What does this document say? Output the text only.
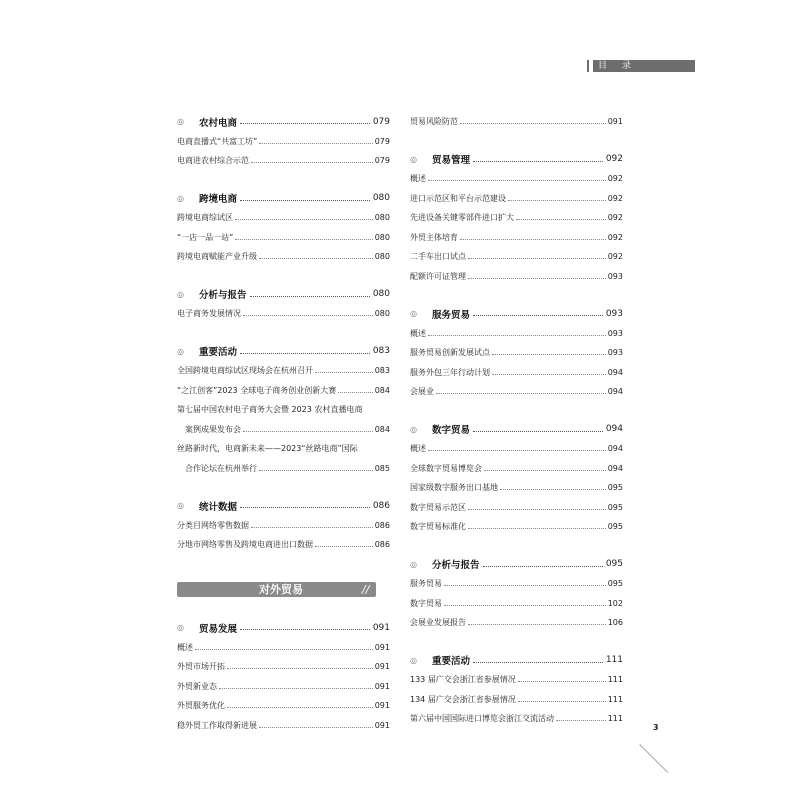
目 录
◎	农村电商	079
电商直播式“共富工坊”	079
电商进农村综合示范	079
◎	跨境电商	080
跨境电商综试区	080
“一店一品一站”	080
跨境电商赋能产业升级	080
◎	分析与报告	080
电子商务发展情况	080
◎	重要活动	083
全国跨境电商综试区现场会在杭州召开	083
“之江创客”2023 全球电子商务创业创新大赛	084
第七届中国农村电子商务大会暨 2023 农村直播电商
案例成果发布会	084
丝路新时代，电商新未来——2023“丝路电商”国际
合作论坛在杭州举行	085
◎	统计数据	086
分类目网络零售数据	086
分地市网络零售及跨境电商进出口数据	086
对外贸易	//
◎	贸易发展	091
概述	091
外贸市场开拓	091
外贸新业态	091
外贸服务优化	091
稳外贸工作取得新进展	091
贸易风险防范	091
◎	贸易管理	092
概述	092
进口示范区和平台示范建设	092
先进设备关键零部件进口扩大	092
外贸主体培育	092
二手车出口试点	092
配额许可证管理	093
◎	服务贸易	093
概述	093
服务贸易创新发展试点	093
服务外包三年行动计划	094
会展业	094
◎	数字贸易	094
概述	094
全球数字贸易博览会	094
国家级数字服务出口基地	095
数字贸易示范区	095
数字贸易标准化	095
◎	分析与报告	095
服务贸易	095
数字贸易	102
会展业发展报告	106
◎	重要活动	111
133 届广交会浙江省参展情况	111
134 届广交会浙江省参展情况	111
第六届中国国际进口博览会浙江交流活动	111
3
